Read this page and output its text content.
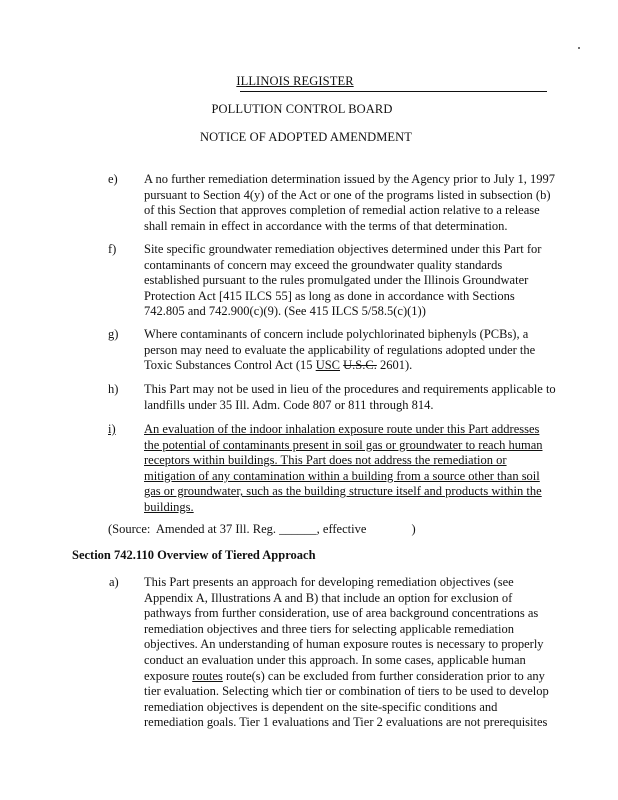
ILLINOIS REGISTER
POLLUTION CONTROL BOARD
NOTICE OF ADOPTED AMENDMENT
e) A no further remediation determination issued by the Agency prior to July 1, 1997
pursuant to Section 4(y) of the Act or one of the programs listed in subsection (b)
of this Section that approves completion of remedial action relative to a release
shall remain in effect in accordance with the terms of that determination.
f) Site specific groundwater remediation objectives determined under this Part for
contaminants of concern may exceed the groundwater quality standards
established pursuant to the rules promulgated under the Illinois Groundwater
Protection Act [415 ILCS 55] as long as done in accordance with Sections
742.805 and 742.900(c)(9). (See 415 ILCS 5/58.5(c)(1))
g) Where contaminants of concern include polychlorinated biphenyls (PCBs), a
person may need to evaluate the applicability of regulations adopted under the
Toxic Substances Control Act (15 USC U.S.C. 2601).
h) This Part may not be used in lieu of the procedures and requirements applicable to
landfills under 35 Ill. Adm. Code 807 or 811 through 814.
i) An evaluation of the indoor inhalation exposure route under this Part addresses
the potential of contaminants present in soil gas or groundwater to reach human
receptors within buildings. This Part does not address the remediation or
mitigation of any contamination within a building from a source other than soil
gas or groundwater, such as the building structure itself and products within the
buildings.
(Source:  Amended at 37 Ill. Reg. ______, effective	)
Section 742.110 Overview of Tiered Approach
a) This Part presents an approach for developing remediation objectives (see
Appendix A, Illustrations A and B) that include an option for exclusion of
pathways from further consideration, use of area background concentrations as
remediation objectives and three tiers for selecting applicable remediation
objectives. An understanding of human exposure routes is necessary to properly
conduct an evaluation under this approach. In some cases, applicable human
exposure routes route(s) can be excluded from further consideration prior to any
tier evaluation. Selecting which tier or combination of tiers to be used to develop
remediation objectives is dependent on the site-specific conditions and
remediation goals. Tier 1 evaluations and Tier 2 evaluations are not prerequisites
